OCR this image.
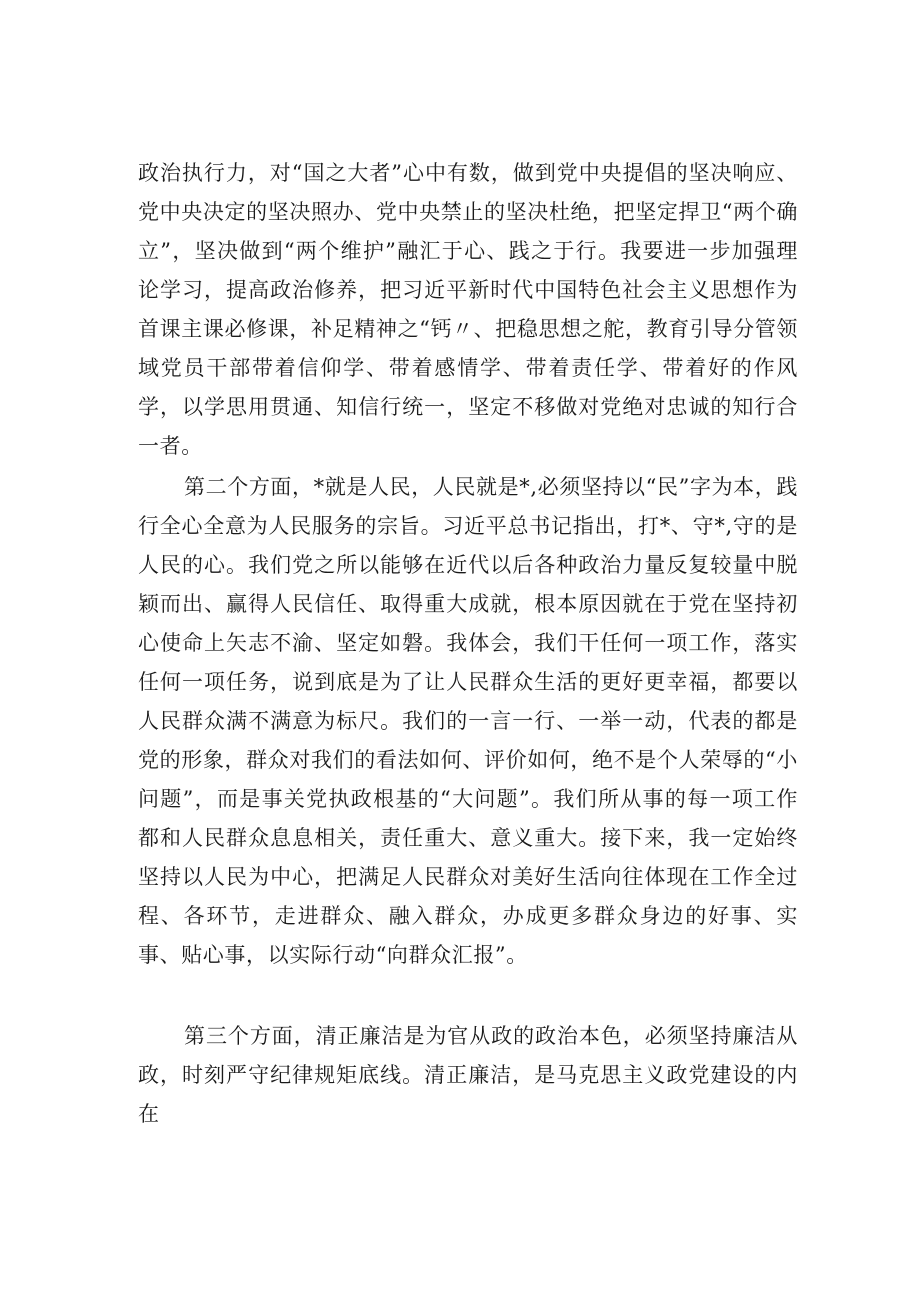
政治执行力，对“国之大者”心中有数，做到党中央提倡的坚决响应、党中央决定的坚决照办、党中央禁止的坚决杜绝，把坚定捍卫“两个确立”，坚决做到“两个维护”融汇于心、践之于行。我要进一步加强理论学习，提高政治修养，把习近平新时代中国特色社会主义思想作为首课主课必修课，补足精神之“钙〃、把稳思想之舵，教育引导分管领域党员干部带着信仰学、带着感情学、带着责任学、带着好的作风学，以学思用贯通、知信行统一，坚定不移做对党绝对忠诚的知行合一者。

第二个方面，*就是人民，人民就是*,必须坚持以“民”字为本，践行全心全意为人民服务的宗旨。习近平总书记指出，打*、守*,守的是人民的心。我们党之所以能够在近代以后各种政治力量反复较量中脱颖而出、赢得人民信任、取得重大成就，根本原因就在于党在坚持初心使命上矢志不渝、坚定如磐。我体会，我们干任何一项工作，落实任何一项任务，说到底是为了让人民群众生活的更好更幸福，都要以人民群众满不满意为标尺。我们的一言一行、一举一动，代表的都是党的形象，群众对我们的看法如何、评价如何，绝不是个人荣辱的“小问题”，而是事关党执政根基的“大问题”。我们所从事的每一项工作都和人民群众息息相关，责任重大、意义重大。接下来，我一定始终坚持以人民为中心，把满足人民群众对美好生活向往体现在工作全过程、各环节，走进群众、融入群众，办成更多群众身边的好事、实事、贴心事，以实际行动“向群众汇报”。

第三个方面，清正廉洁是为官从政的政治本色，必须坚持廉洁从政，时刻严守纪律规矩底线。清正廉洁，是马克思主义政党建设的内在
